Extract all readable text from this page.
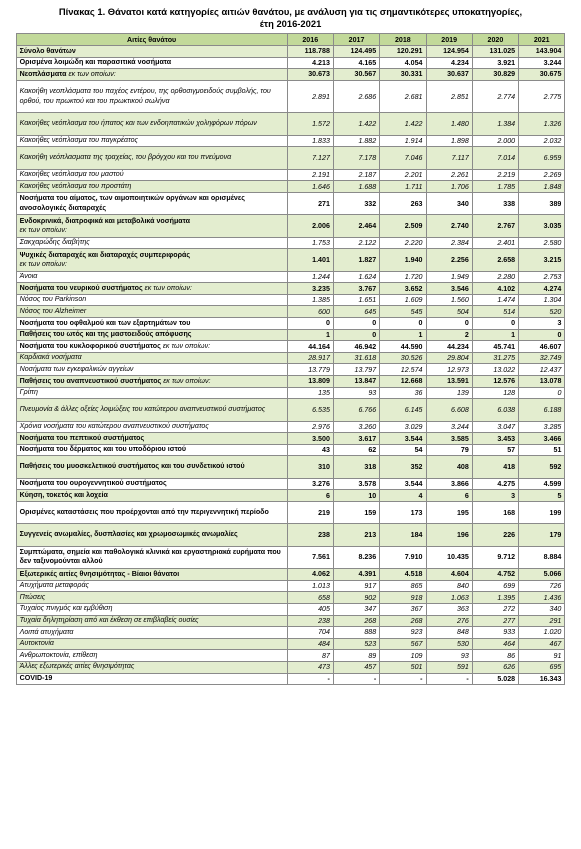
Πίνακας 1. Θάνατοι κατά κατηγορίες αιτιών θανάτου, με ανάλυση για τις σημαντικότερες υποκατηγορίες,
έτη 2016-2021
Αιτίες θανάτου	2016	2017	2018	2019	2020	2021
Σύνολο θανάτων	118.788	124.495	120.291	124.954	131.025	143.904
Ορισμένα λοιμώδη και παρασιτικά νοσήματα	4.213	4.165	4.054	4.234	3.921	3.244
Νεοπλάσματα εκ των οποίων:	30.673	30.567	30.331	30.637	30.829	30.675
Κακοήθη νεοπλάσματα του παχέος εντέρου, της ορθοσιγμοειδούς συμβολής, του ορθού, του πρωκτού και του πρωκτικού σωλήνα	2.891	2.686	2.681	2.851	2.774	2.775
Κακοήθες νεόπλασμα του ήπατος και των ενδοηπατικών χοληφόρων πόρων	1.572	1.422	1.422	1.480	1.384	1.326
Κακοήθες νεόπλασμα του παγκρέατος	1.833	1.882	1.914	1.898	2.000	2.032
Κακοήθη νεόπλασματα της τραχείας, του βρόγχου και του πνεύμονα	7.127	7.178	7.046	7.117	7.014	6.959
Κακοήθες νεόπλασμα του μαστού	2.191	2.187	2.201	2.261	2.219	2.269
Κακοήθες νεόπλασμα του προστάτη	1.646	1.688	1.711	1.706	1.785	1.848
Νοσήματα του αίματος, των αιμοποιητικών οργάνων και ορισμένες ανοσολογικές διαταραχές	271	332	263	340	338	389
Ενδοκρινικά, διατροφικά και μεταβολικά νοσήματα
εκ των οποίων:	2.006	2.464	2.509	2.740	2.767	3.035
Σακχαρώδης διαβήτης	1.753	2.122	2.220	2.384	2.401	2.580
Ψυχικές διαταραχές και διαταραχές συμπεριφοράς
εκ των οποίων:	1.401	1.827	1.940	2.256	2.658	3.215
Άνοια	1.244	1.624	1.720	1.949	2.280	2.753
Νοσήματα του νευρικού συστήματος εκ των οποίων:	3.235	3.767	3.652	3.546	4.102	4.274
Νόσος του Parkinson	1.385	1.651	1.609	1.560	1.474	1.304
Νόσος του Alzheimer	600	645	545	504	514	520
Νοσήματα του οφθαλμού και των εξαρτημάτων του	0	0	0	0	0	3
Παθήσεις του ωτός και της μαστοειδούς απόφυσης	1	0	1	2	1	0
Νοσήματα του κυκλοφορικού συστήματος εκ των οποίων:	44.164	46.942	44.590	44.234	45.741	46.607
Καρδιακά νοσήματα	28.917	31.618	30.526	29.804	31.275	32.749
Νοσήματα των εγκεφαλικών αγγείων	13.779	13.797	12.574	12.973	13.022	12.437
Παθήσεις του αναπνευστικού συστήματος εκ των οποίων:	13.809	13.847	12.668	13.591	12.576	13.078
Γρίπη	135	93	36	139	128	0
Πνευμονία & άλλες οξείες λοιμώξεις του κατώτερου αναπνευστικού συστήματος	6.535	6.766	6.145	6.608	6.038	6.188
Χρόνια νοσήματα του κατώτερου αναπνευστικού συστήματος	2.976	3.260	3.029	3.244	3.047	3.285
Νοσήματα του πεπτικού συστήματος	3.500	3.617	3.544	3.585	3.453	3.466
Νοσήματα του δέρματος και του υποδόριου ιστού	43	62	54	79	57	51
Παθήσεις του μυοσκελετικού συστήματος και του συνδετικού ιστού	310	318	352	408	418	592
Νοσήματα του ουρογεννητικού συστήματος	3.276	3.578	3.544	3.866	4.275	4.599
Κύηση, τοκετός και λοχεία	6	10	4	6	3	5
Ορισμένες καταστάσεις που προέρχονται από την περιγεννητική περίοδο	219	159	173	195	168	199
Συγγενείς ανωμαλίες, δυσπλασίες και χρωμοσωμικές ανωμαλίες	238	213	184	196	226	179
Συμπτώματα, σημεία και παθολογικά κλινικά και εργαστηριακά ευρήματα που δεν ταξινομούνται αλλού	7.561	8.236	7.910	10.435	9.712	8.884
Εξωτερικές αιτίες θνησιμότητας - Βίαιοι θάνατοι	4.062	4.391	4.518	4.604	4.752	5.066
Ατυχήματα μεταφοράς	1.013	917	865	840	699	726
Πτώσεις	658	902	918	1.063	1.395	1.436
Τυχαίος πνιγμός και εμβύθιση	405	347	367	363	272	340
Τυχαία δηλητηρίαση από και έκθεση σε επιβλαβείς ουσίες	238	268	268	276	277	291
Λοιπά ατυχήματα	704	888	923	848	933	1.020
Αυτοκτονία	484	523	567	530	464	467
Ανθρωποκτονία, επίθεση	87	89	109	93	86	91
Άλλες εξωτερικές αιτίες θνησιμότητας	473	457	501	591	626	695
COVID-19	-	-	-	-	5.028	16.343
